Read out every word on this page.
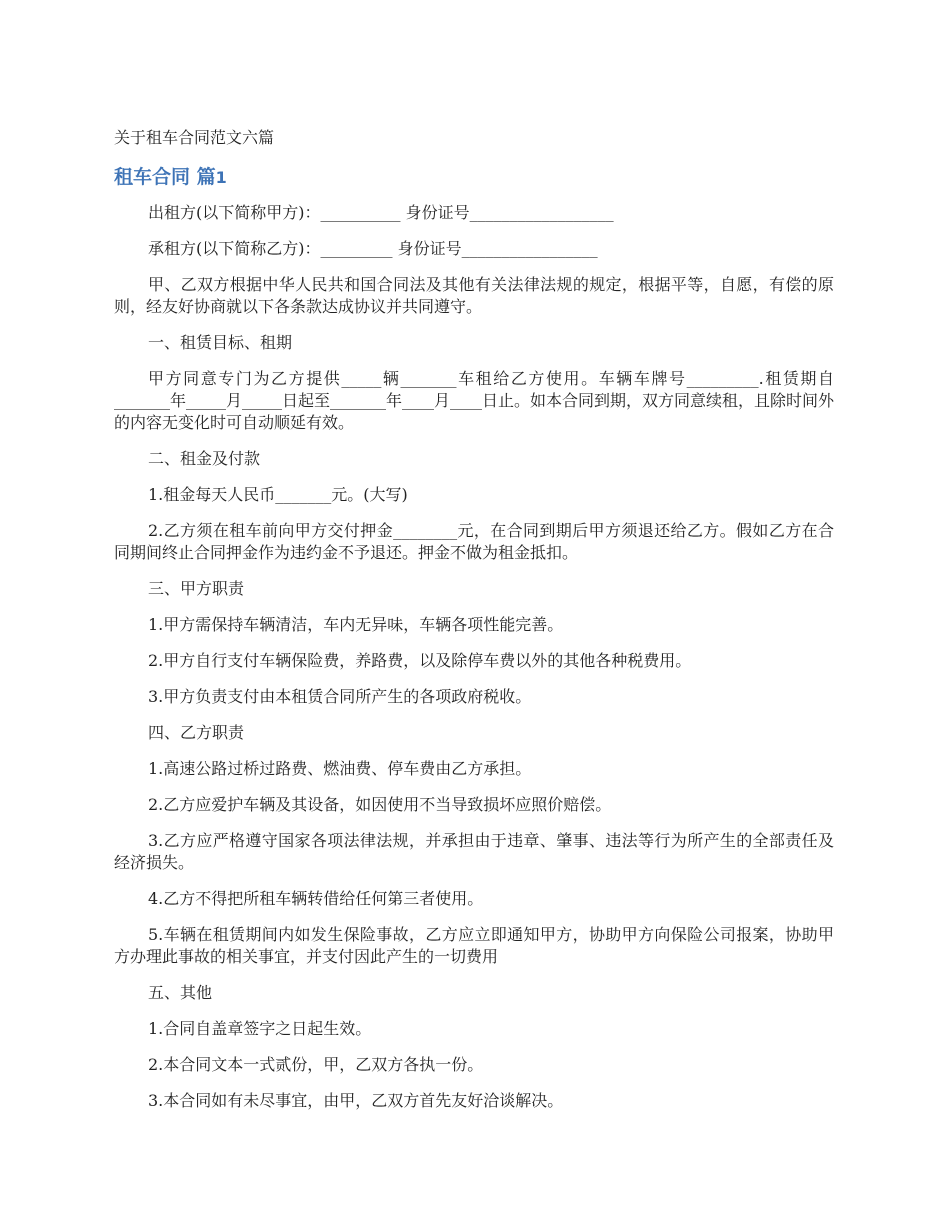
关于租车合同范文六篇
租车合同 篇1

出租方(以下简称甲方)：__________ 身份证号__________________

承租方(以下简称乙方)：_________ 身份证号_________________

甲、乙双方根据中华人民共和国合同法及其他有关法律法规的规定，根据平等，自愿，有偿的原则，经友好协商就以下各条款达成协议并共同遵守。

一、租赁目标、租期

甲方同意专门为乙方提供_____辆_______车租给乙方使用。车辆车牌号_________.租赁期自_______年_____月_____日起至_______年____月____日止。如本合同到期，双方同意续租，且除时间外的内容无变化时可自动顺延有效。

二、租金及付款

1.租金每天人民币_______元。(大写)

2.乙方须在租车前向甲方交付押金________元，在合同到期后甲方须退还给乙方。假如乙方在合同期间终止合同押金作为违约金不予退还。押金不做为租金抵扣。

三、甲方职责

1.甲方需保持车辆清洁，车内无异味，车辆各项性能完善。

2.甲方自行支付车辆保险费，养路费，以及除停车费以外的其他各种税费用。

3.甲方负责支付由本租赁合同所产生的各项政府税收。

四、乙方职责

1.高速公路过桥过路费、燃油费、停车费由乙方承担。

2.乙方应爱护车辆及其设备，如因使用不当导致损坏应照价赔偿。

3.乙方应严格遵守国家各项法律法规，并承担由于违章、肇事、违法等行为所产生的全部责任及经济损失。

4.乙方不得把所租车辆转借给任何第三者使用。

5.车辆在租赁期间内如发生保险事故，乙方应立即通知甲方，协助甲方向保险公司报案，协助甲方办理此事故的相关事宜，并支付因此产生的一切费用

五、其他

1.合同自盖章签字之日起生效。

2.本合同文本一式贰份，甲，乙双方各执一份。

3.本合同如有未尽事宜，由甲，乙双方首先友好洽谈解决。
